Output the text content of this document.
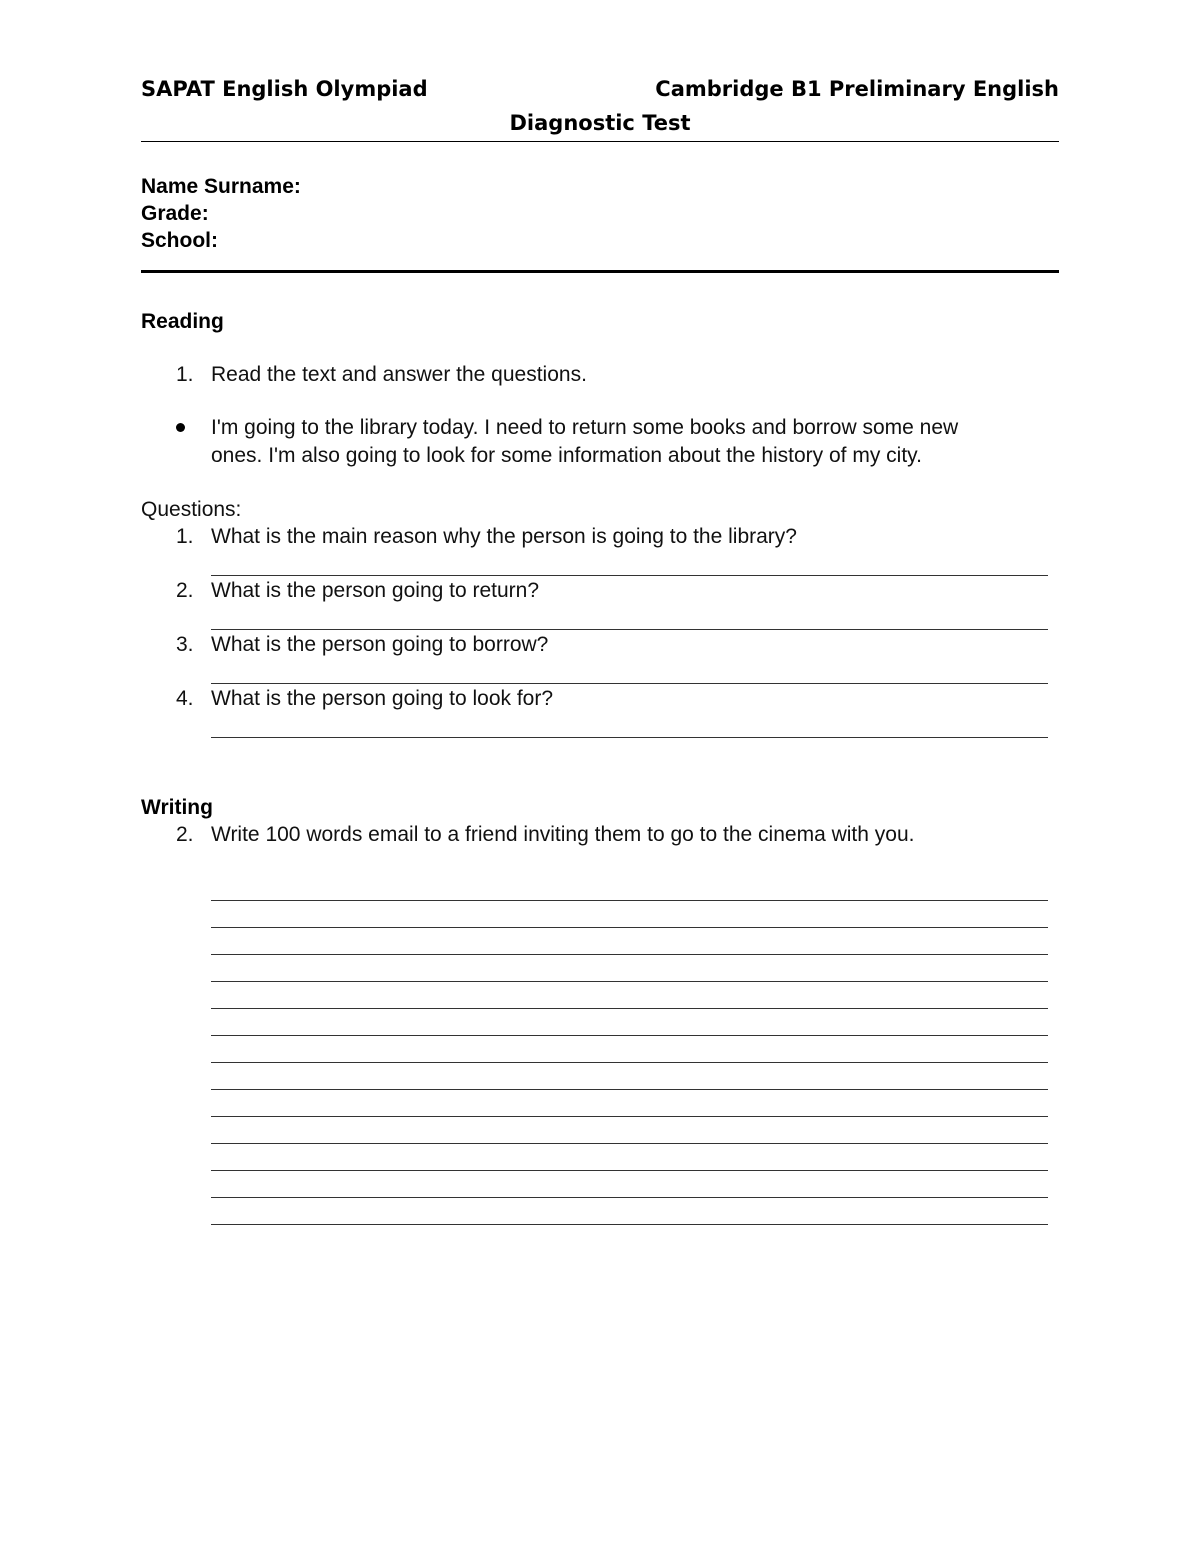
SAPAT English Olympiad	Cambridge B1 Preliminary English
Diagnostic Test
Name Surname:
Grade:
School:
Reading
1. Read the text and answer the questions.
I'm going to the library today. I need to return some books and borrow some new
ones. I'm also going to look for some information about the history of my city.
Questions:
1. What is the main reason why the person is going to the library?
2. What is the person going to return?
3. What is the person going to borrow?
4. What is the person going to look for?
Writing
2. Write 100 words email to a friend inviting them to go to the cinema with you.
